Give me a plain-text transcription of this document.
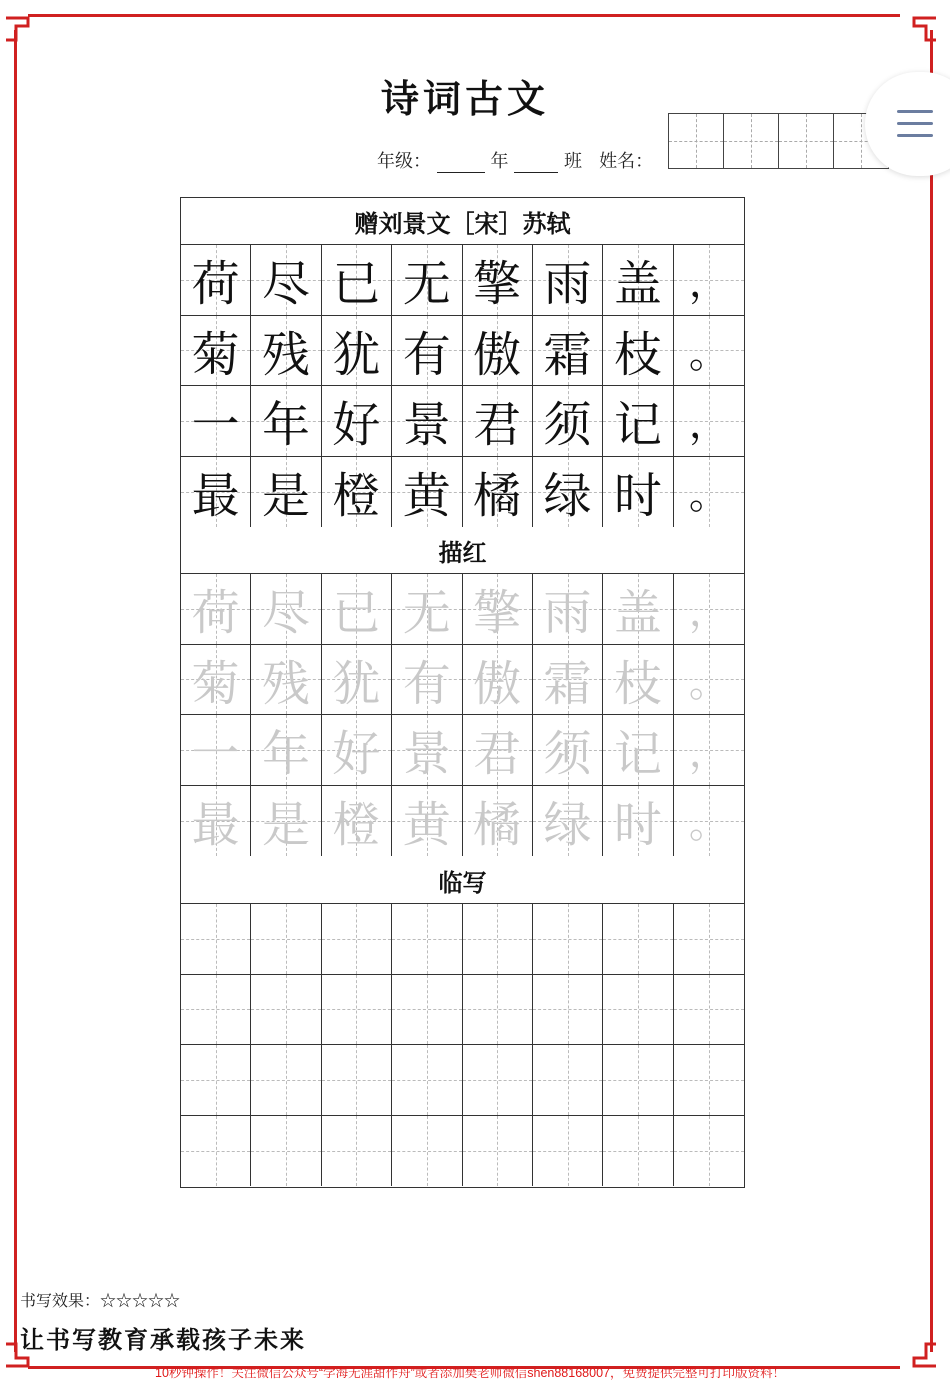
诗词古文
年级：	年	班 姓名：
赠刘景文［宋］苏轼
荷 尽 已 无 擎 雨 盖 ，
菊 残 犹 有 傲 霜 枝 。
一 年 好 景 君 须 记 ，
最 是 橙 黄 橘 绿 时 。
描红
荷 尽 已 无 擎 雨 盖 ，
菊 残 犹 有 傲 霜 枝 。
一 年 好 景 君 须 记 ，
最 是 橙 黄 橘 绿 时 。
临写
书写效果：☆☆☆☆☆
让书写教育承载孩子未来
10秒钟操作！关注微信公众号“学海无涯甜作舟”或者添加樊老师微信shen88168007，免费提供完整可打印版资料！
